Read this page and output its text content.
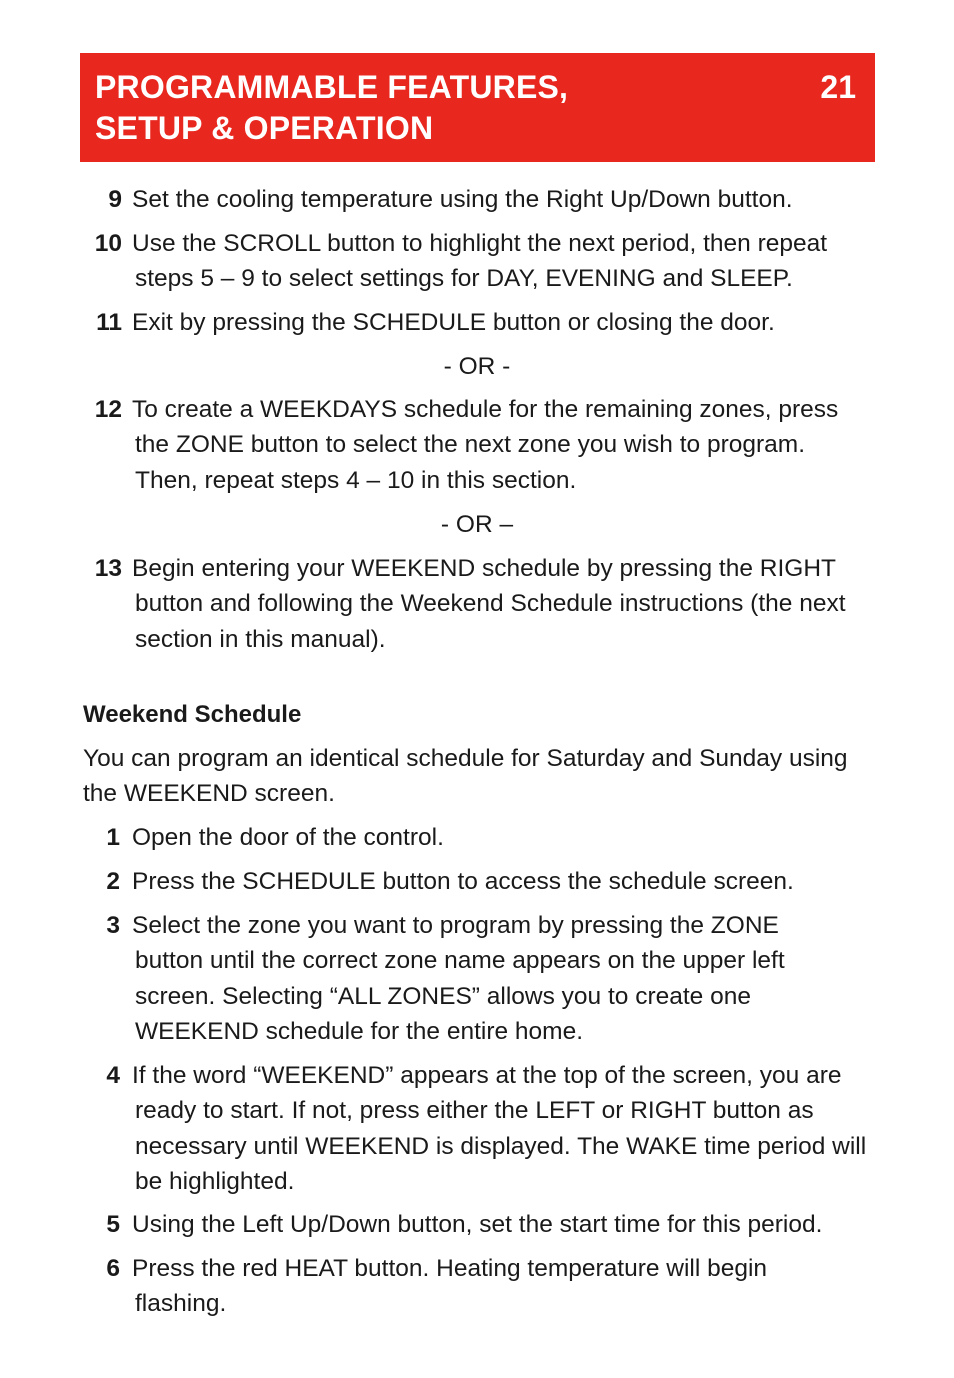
PROGRAMMABLE FEATURES,
SETUP & OPERATION
21
9 Set the cooling temperature using the Right Up/Down button.
10 Use the SCROLL button to highlight the next period, then repeat steps 5 – 9 to select settings for DAY, EVENING and SLEEP.
11 Exit by pressing the SCHEDULE button or closing the door.
- OR -
12 To create a WEEKDAYS schedule for the remaining zones, press the ZONE button to select the next zone you wish to program. Then, repeat steps 4 – 10 in this section.
- OR –
13 Begin entering your WEEKEND schedule by pressing the RIGHT button and following the Weekend Schedule instructions (the next section in this manual).
Weekend Schedule
You can program an identical schedule for Saturday and Sunday using the WEEKEND screen.
1 Open the door of the control.
2 Press the SCHEDULE button to access the schedule screen.
3 Select the zone you want to program by pressing the ZONE button until the correct zone name appears on the upper left screen. Selecting “ALL ZONES” allows you to create one WEEKEND schedule for the entire home.
4 If the word “WEEKEND” appears at the top of the screen, you are ready to start. If not, press either the LEFT or RIGHT button as necessary until WEEKEND is displayed. The WAKE time period will be highlighted.
5 Using the Left Up/Down button, set the start time for this period.
6 Press the red HEAT button. Heating temperature will begin flashing.
